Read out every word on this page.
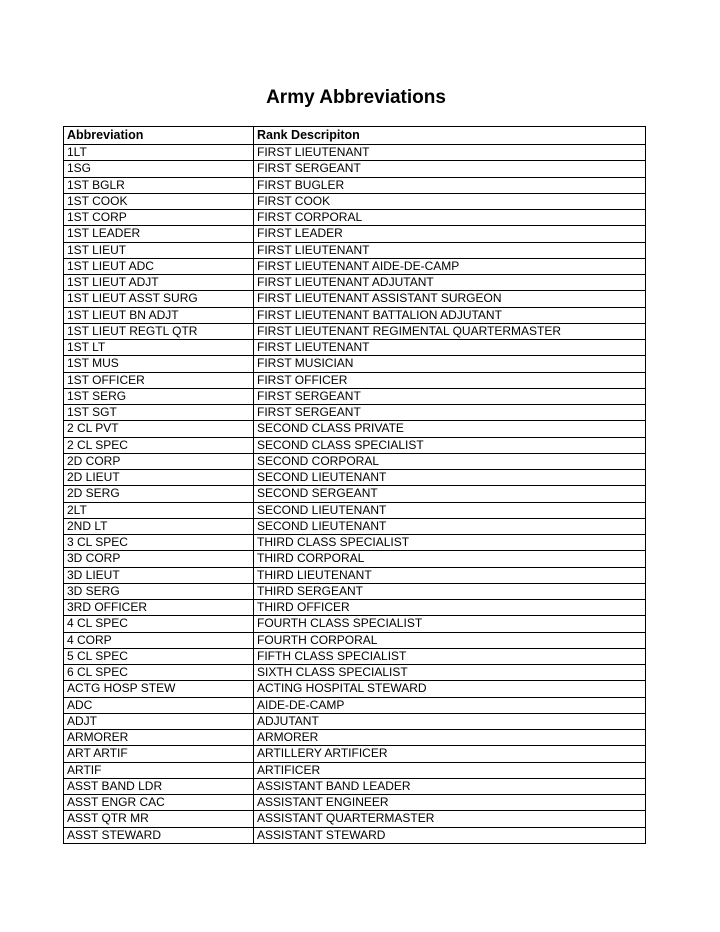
Army Abbreviations
Abbreviation	Rank Descripiton
1LT	FIRST LIEUTENANT
1SG	FIRST SERGEANT
1ST BGLR	FIRST BUGLER
1ST COOK	FIRST COOK
1ST CORP	FIRST CORPORAL
1ST LEADER	FIRST LEADER
1ST LIEUT	FIRST LIEUTENANT
1ST LIEUT ADC	FIRST LIEUTENANT AIDE-DE-CAMP
1ST LIEUT ADJT	FIRST LIEUTENANT ADJUTANT
1ST LIEUT ASST SURG	FIRST LIEUTENANT ASSISTANT SURGEON
1ST LIEUT BN ADJT	FIRST LIEUTENANT BATTALION ADJUTANT
1ST LIEUT REGTL QTR	FIRST LIEUTENANT REGIMENTAL QUARTERMASTER
1ST LT	FIRST LIEUTENANT
1ST MUS	FIRST MUSICIAN
1ST OFFICER	FIRST OFFICER
1ST SERG	FIRST SERGEANT
1ST SGT	FIRST SERGEANT
2 CL PVT	SECOND CLASS PRIVATE
2 CL SPEC	SECOND CLASS SPECIALIST
2D CORP	SECOND CORPORAL
2D LIEUT	SECOND LIEUTENANT
2D SERG	SECOND SERGEANT
2LT	SECOND LIEUTENANT
2ND LT	SECOND LIEUTENANT
3 CL SPEC	THIRD CLASS SPECIALIST
3D CORP	THIRD CORPORAL
3D LIEUT	THIRD LIEUTENANT
3D SERG	THIRD SERGEANT
3RD OFFICER	THIRD OFFICER
4 CL SPEC	FOURTH CLASS SPECIALIST
4 CORP	FOURTH CORPORAL
5 CL SPEC	FIFTH CLASS SPECIALIST
6 CL SPEC	SIXTH CLASS SPECIALIST
ACTG HOSP STEW	ACTING HOSPITAL STEWARD
ADC	AIDE-DE-CAMP
ADJT	ADJUTANT
ARMORER	ARMORER
ART ARTIF	ARTILLERY ARTIFICER
ARTIF	ARTIFICER
ASST BAND LDR	ASSISTANT BAND LEADER
ASST ENGR CAC	ASSISTANT ENGINEER
ASST QTR MR	ASSISTANT QUARTERMASTER
ASST STEWARD	ASSISTANT STEWARD
